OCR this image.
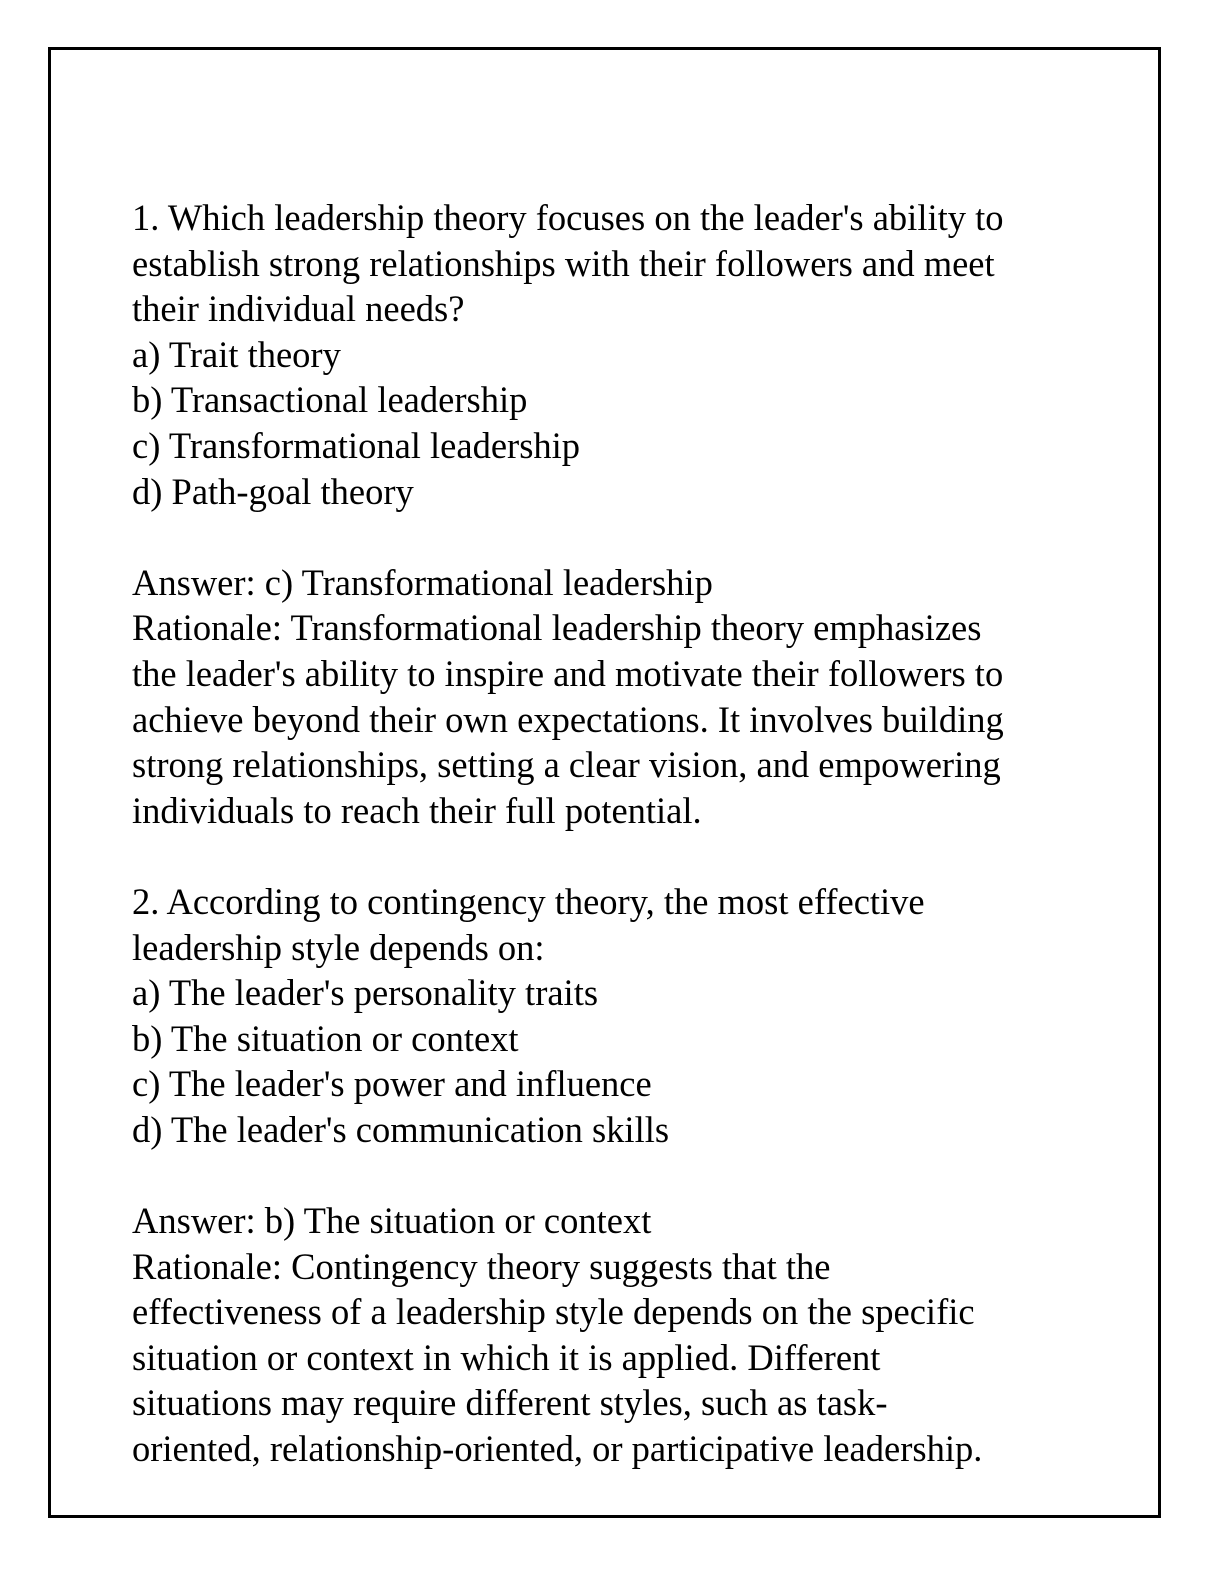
1. Which leadership theory focuses on the leader's ability to
establish strong relationships with their followers and meet
their individual needs?
a) Trait theory
b) Transactional leadership
c) Transformational leadership
d) Path-goal theory
Answer: c) Transformational leadership
Rationale: Transformational leadership theory emphasizes
the leader's ability to inspire and motivate their followers to
achieve beyond their own expectations. It involves building
strong relationships, setting a clear vision, and empowering
individuals to reach their full potential.
2. According to contingency theory, the most effective
leadership style depends on:
a) The leader's personality traits
b) The situation or context
c) The leader's power and influence
d) The leader's communication skills
Answer: b) The situation or context
Rationale: Contingency theory suggests that the
effectiveness of a leadership style depends on the specific
situation or context in which it is applied. Different
situations may require different styles, such as task-
oriented, relationship-oriented, or participative leadership.
